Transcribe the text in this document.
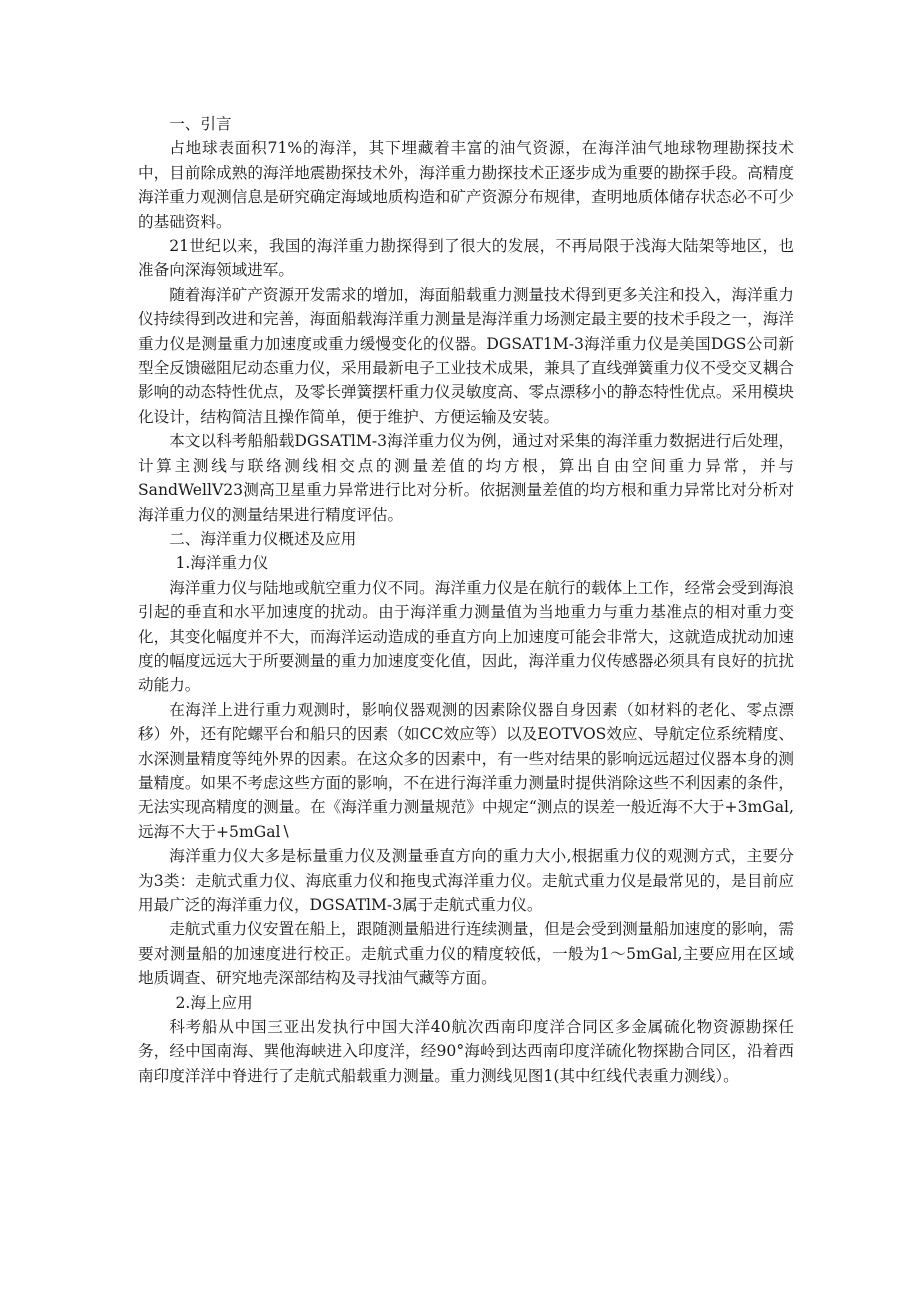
一、引言

占地球表面积71%的海洋，其下埋藏着丰富的油气资源，在海洋油气地球物理勘探技术中，目前除成熟的海洋地震勘探技术外，海洋重力勘探技术正逐步成为重要的勘探手段。高精度海洋重力观测信息是研究确定海域地质构造和矿产资源分布规律，查明地质体储存状态必不可少的基础资料。

21世纪以来，我国的海洋重力勘探得到了很大的发展，不再局限于浅海大陆架等地区，也准备向深海领域进军。

随着海洋矿产资源开发需求的增加，海面船载重力测量技术得到更多关注和投入，海洋重力仪持续得到改进和完善，海面船载海洋重力测量是海洋重力场测定最主要的技术手段之一，海洋重力仪是测量重力加速度或重力缓慢变化的仪器。DGSAT1M-3海洋重力仪是美国DGS公司新型全反馈磁阻尼动态重力仪，采用最新电子工业技术成果，兼具了直线弹簧重力仪不受交叉耦合影响的动态特性优点，及零长弹簧摆杆重力仪灵敏度高、零点漂移小的静态特性优点。采用模块化设计，结构简洁且操作简单，便于维护、方便运输及安装。

本文以科考船船载DGSATlM-3海洋重力仪为例，通过对采集的海洋重力数据进行后处理，计算主测线与联络测线相交点的测量差值的均方根，算出自由空间重力异常，并与SandWellV23测高卫星重力异常进行比对分析。依据测量差值的均方根和重力异常比对分析对海洋重力仪的测量结果进行精度评估。

二、海洋重力仪概述及应用

1.海洋重力仪

海洋重力仪与陆地或航空重力仪不同。海洋重力仪是在航行的载体上工作，经常会受到海浪引起的垂直和水平加速度的扰动。由于海洋重力测量值为当地重力与重力基准点的相对重力变化，其变化幅度并不大，而海洋运动造成的垂直方向上加速度可能会非常大，这就造成扰动加速度的幅度远远大于所要测量的重力加速度变化值，因此，海洋重力仪传感器必须具有良好的抗扰动能力。

在海洋上进行重力观测时，影响仪器观测的因素除仪器自身因素（如材料的老化、零点漂移）外，还有陀螺平台和船只的因素（如CC效应等）以及EOTVOS效应、导航定位系统精度、水深测量精度等纯外界的因素。在这众多的因素中，有一些对结果的影响远远超过仪器本身的测量精度。如果不考虑这些方面的影响，不在进行海洋重力测量时提供消除这些不利因素的条件，无法实现高精度的测量。在《海洋重力测量规范》中规定“测点的误差一般近海不大于+3mGal,远海不大于+5mGal∖

海洋重力仪大多是标量重力仪及测量垂直方向的重力大小,根据重力仪的观测方式，主要分为3类：走航式重力仪、海底重力仪和拖曳式海洋重力仪。走航式重力仪是最常见的，是目前应用最广泛的海洋重力仪，DGSATlM-3属于走航式重力仪。

走航式重力仪安置在船上，跟随测量船进行连续测量，但是会受到测量船加速度的影响，需要对测量船的加速度进行校正。走航式重力仪的精度较低，一般为1～5mGal,主要应用在区域地质调查、研究地壳深部结构及寻找油气藏等方面。

2.海上应用

科考船从中国三亚出发执行中国大洋40航次西南印度洋合同区多金属硫化物资源勘探任务，经中国南海、巽他海峡进入印度洋，经90°海岭到达西南印度洋硫化物探勘合同区，沿着西南印度洋洋中脊进行了走航式船载重力测量。重力测线见图1(其中红线代表重力测线）。
